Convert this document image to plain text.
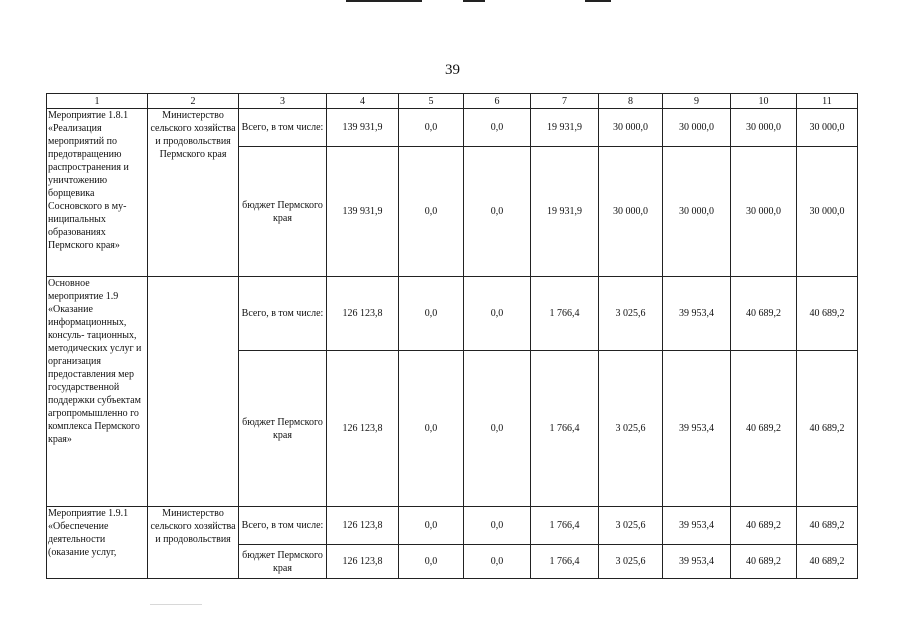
39
1	2	3	4	5	6	7	8	9	10	11
Мероприятие 1.8.1 «Реализация мероприятий по предотвращению распространения и уничтожению борщевика Сосновского в му- ниципальных образованиях Пермского края»	Министерство сельского хозяйства и продовольствия Пермского края	Всего, в том числе:	139 931,9	0,0	0,0	19 931,9	30 000,0	30 000,0	30 000,0	30 000,0
		бюджет Пермского края	139 931,9	0,0	0,0	19 931,9	30 000,0	30 000,0	30 000,0	30 000,0
Основное мероприятие 1.9 «Оказание информационных, консуль- тационных, методических услуг и организация предоставления мер государственной поддержки субъектам агропромышленно го комплекса Пермского края»		Всего, в том числе:	126 123,8	0,0	0,0	1 766,4	3 025,6	39 953,4	40 689,2	40 689,2
		бюджет Пермского края	126 123,8	0,0	0,0	1 766,4	3 025,6	39 953,4	40 689,2	40 689,2
Мероприятие 1.9.1 «Обеспечение деятельности (оказание услуг,	Министерство сельского хозяйства и продовольствия	Всего, в том числе:	126 123,8	0,0	0,0	1 766,4	3 025,6	39 953,4	40 689,2	40 689,2
		бюджет Пермского края	126 123,8	0,0	0,0	1 766,4	3 025,6	39 953,4	40 689,2	40 689,2
